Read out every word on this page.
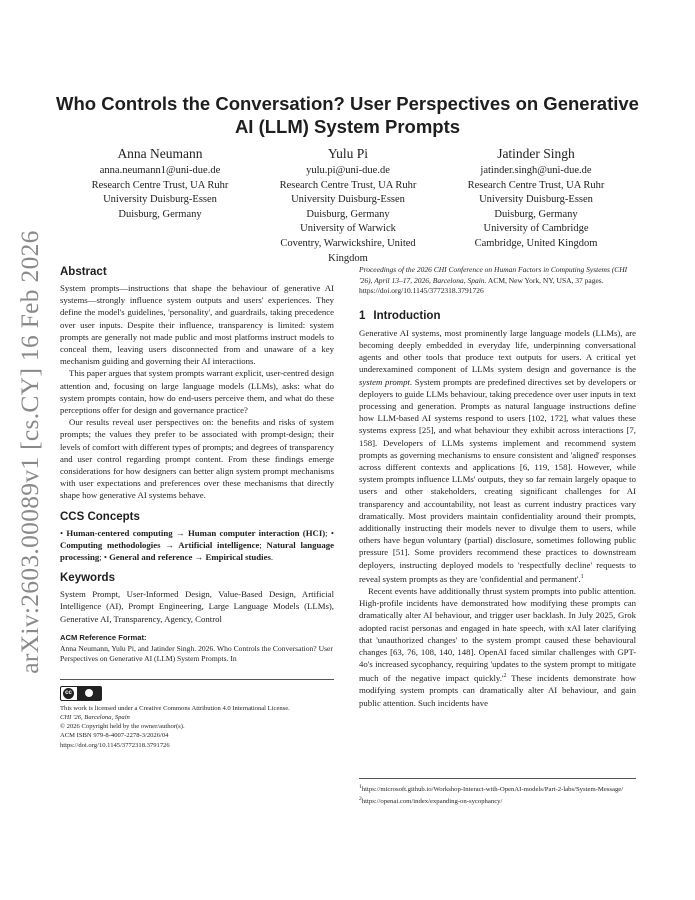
arXiv:2603.00089v1 [cs.CY] 16 Feb 2026
Who Controls the Conversation? User Perspectives on Generative
AI (LLM) System Prompts
Anna Neumann
anna.neumann1@uni-due.de
Research Centre Trust, UA Ruhr
University Duisburg-Essen
Duisburg, Germany
Yulu Pi
yulu.pi@uni-due.de
Research Centre Trust, UA Ruhr
University Duisburg-Essen
Duisburg, Germany
University of Warwick
Coventry, Warwickshire, United
Kingdom
Jatinder Singh
jatinder.singh@uni-due.de
Research Centre Trust, UA Ruhr
University Duisburg-Essen
Duisburg, Germany
University of Cambridge
Cambridge, United Kingdom
Abstract

System prompts—instructions that shape the behaviour of generative AI systems—strongly influence system outputs and users' experiences. They define the model's guidelines, 'personality', and guardrails, taking precedence over user inputs. Despite their influence, transparency is limited: system prompts are generally not made public and most platforms instruct models to conceal them, leaving users disconnected from and unaware of a key mechanism guiding and governing their AI interactions.

This paper argues that system prompts warrant explicit, user-centred design attention and, focusing on large language models (LLMs), asks: what do system prompts contain, how do end-users perceive them, and what do these perceptions offer for design and governance practice?

Our results reveal user perspectives on: the benefits and risks of system prompts; the values they prefer to be associated with prompt-design; their levels of comfort with different types of prompts; and degrees of transparency and user control regarding prompt content. From these findings emerge considerations for how designers can better align system prompt mechanisms with user expectations and preferences over these mechanisms that directly shape how generative AI systems behave.

CCS Concepts

• Human-centered computing → Human computer interaction (HCI); • Computing methodologies → Artificial intelligence; Natural language processing; • General and reference → Empirical studies.

Keywords

System Prompt, User-Informed Design, Value-Based Design, Artificial Intelligence (AI), Prompt Engineering, Large Language Models (LLMs), Generative AI, Transparency, Agency, Control

ACM Reference Format:

Anna Neumann, Yulu Pi, and Jatinder Singh. 2026. Who Controls the Conversation? User Perspectives on Generative AI (LLM) System Prompts. In

cc

This work is licensed under a Creative Commons Attribution 4.0 International License.

CHI '26, Barcelona, Spain

© 2026 Copyright held by the owner/author(s).

ACM ISBN 979-8-4007-2278-3/2026/04

https://doi.org/10.1145/3772318.3791726

Proceedings of the 2026 CHI Conference on Human Factors in Computing Systems (CHI '26), April 13–17, 2026, Barcelona, Spain. ACM, New York, NY, USA, 37 pages. https://doi.org/10.1145/3772318.3791726

1 Introduction

Generative AI systems, most prominently large language models (LLMs), are becoming deeply embedded in everyday life, underpinning conversational agents and other tools that produce text outputs for users. A critical yet underexamined component of LLMs system design and governance is the system prompt. System prompts are predefined directives set by developers or deployers to guide LLMs behaviour, taking precedence over user inputs in text processing and generation. Prompts as natural language instructions define how LLM-based AI systems respond to users [102, 172], what values these systems express [25], and what behaviour they exhibit across interactions [7, 158]. Developers of LLMs systems implement and recommend system prompts as governing mechanisms to ensure consistent and 'aligned' responses across different contexts and applications [6, 119, 158]. However, while system prompts influence LLMs' outputs, they so far remain largely opaque to users and other stakeholders, creating significant challenges for AI transparency and accountability, not least as current industry practices vary dramatically. Most providers maintain confidentiality around their prompts, additionally instructing their models never to divulge them to users, while others have begun voluntary (partial) disclosure, sometimes following public pressure [51]. Some providers recommend these practices to downstream deployers, instructing deployed models to 'respectfully decline' requests to reveal system prompts as they are 'confidential and permanent'.$^1$

Recent events have additionally thrust system prompts into public attention. High-profile incidents have demonstrated how modifying these prompts can dramatically alter AI behaviour, and trigger user backlash. In July 2025, Grok adopted racist personas and engaged in hate speech, with xAI later clarifying that 'unauthorized changes' to the system prompt caused these behavioural changes [63, 76, 108, 140, 148]. OpenAI faced similar challenges with GPT-4o's increased sycophancy, requiring 'updates to the system prompt to mitigate much of the negative impact $quickly.'^2$ These incidents demonstrate how modifying system prompts can dramatically alter AI behaviour, and gain public attention. Such incidents have

$^1$https://microsoft.github.io/Workshop-Interact-with-OpenAI-models/Part-2-labs/System-Message/

$^2$https://openai.com/index/expanding-on-sycophancy/
